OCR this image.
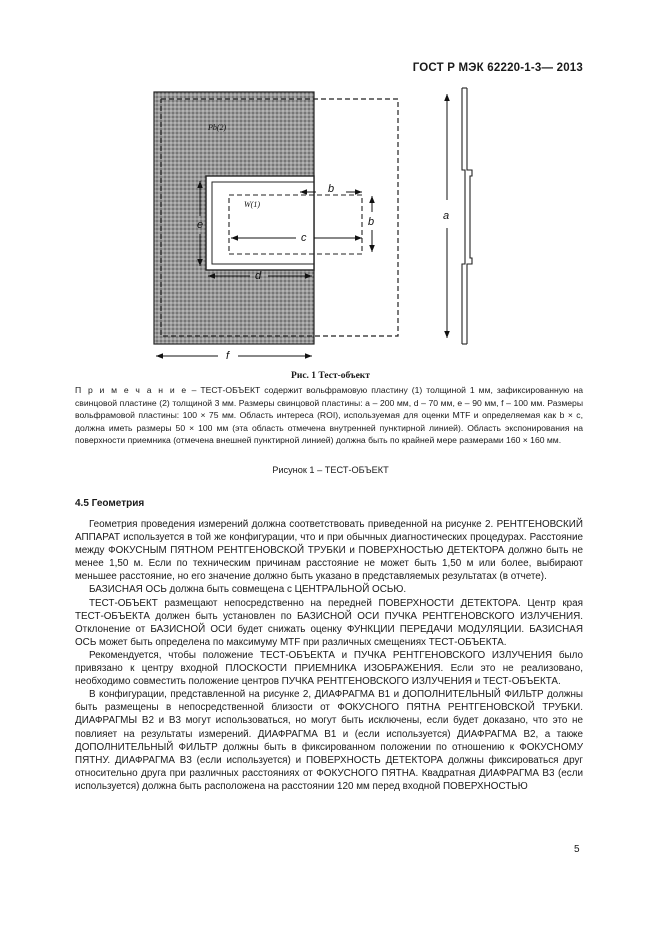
ГОСТ Р МЭК 62220-1-3— 2013
Pb(2)
W(1)
b
b
c
e
d
f
a
Рис. 1 Тест-объект
П р и м е ч а н и е – ТЕСТ-ОБЪЕКТ содержит вольфрамовую пластину (1) толщиной 1 мм, зафиксированную на свинцовой пластине (2) толщиной 3 мм. Размеры свинцовой пластины: a – 200 мм, d – 70 мм, e – 90 мм, f – 100 мм. Размеры вольфрамовой пластины: 100 × 75 мм. Область интереса (ROI), используемая для оценки MTF и определяемая как b × c, должна иметь размеры 50 × 100 мм (эта область отмечена внутренней пунктирной линией). Область экспонирования на поверхности приемника (отмечена внешней пунктирной линией) должна быть по крайней мере размерами 160 × 160 мм.
Рисунок 1 – ТЕСТ-ОБЪЕКТ
4.5 Геометрия

Геометрия проведения измерений должна соответствовать приведенной на рисунке 2. РЕНТГЕНОВСКИЙ АППАРАТ используется в той же конфигурации, что и при обычных диагностических процедурах. Расстояние между ФОКУСНЫМ ПЯТНОМ РЕНТГЕНОВСКОЙ ТРУБКИ и ПОВЕРХНОСТЬЮ ДЕТЕКТОРА должно быть не менее 1,50 м. Если по техническим причинам расстояние не может быть 1,50 м или более, выбирают меньшее расстояние, но его значение должно быть указано в представляемых результатах (в отчете).

БАЗИСНАЯ ОСЬ должна быть совмещена с ЦЕНТРАЛЬНОЙ ОСЬЮ.

ТЕСТ-ОБЪЕКТ размещают непосредственно на передней ПОВЕРХНОСТИ ДЕТЕКТОРА. Центр края ТЕСТ-ОБЪЕКТА должен быть установлен по БАЗИСНОЙ ОСИ ПУЧКА РЕНТГЕНОВСКОГО ИЗЛУЧЕНИЯ. Отклонение от БАЗИСНОЙ ОСИ будет снижать оценку ФУНКЦИИ ПЕРЕДАЧИ МОДУЛЯЦИИ. БАЗИСНАЯ ОСЬ может быть определена по максимуму MTF при различных смещениях ТЕСТ-ОБЪЕКТА.

Рекомендуется, чтобы положение ТЕСТ-ОБЪЕКТА и ПУЧКА РЕНТГЕНОВСКОГО ИЗЛУЧЕНИЯ было привязано к центру входной ПЛОСКОСТИ ПРИЕМНИКА ИЗОБРАЖЕНИЯ. Если это не реализовано, необходимо совместить положение центров ПУЧКА РЕНТГЕНОВСКОГО ИЗЛУЧЕНИЯ и ТЕСТ-ОБЪЕКТА.

В конфигурации, представленной на рисунке 2, ДИАФРАГМА В1 и ДОПОЛНИТЕЛЬНЫЙ ФИЛЬТР должны быть размещены в непосредственной близости от ФОКУСНОГО ПЯТНА РЕНТГЕНОВСКОЙ ТРУБКИ. ДИАФРАГМЫ В2 и В3 могут использоваться, но могут быть исключены, если будет доказано, что это не повлияет на результаты измерений. ДИАФРАГМА В1 и (если используется) ДИАФРАГМА В2, а также ДОПОЛНИТЕЛЬНЫЙ ФИЛЬТР должны быть в фиксированном положении по отношению к ФОКУСНОМУ ПЯТНУ. ДИАФРАГМА В3 (если используется) и ПОВЕРХНОСТЬ ДЕТЕКТОРА должны фиксироваться друг относительно друга при различных расстояниях от ФОКУСНОГО ПЯТНА. Квадратная ДИАФРАГМА В3 (если используется) должна быть расположена на расстоянии 120 мм перед входной ПОВЕРХНОСТЬЮ

5
